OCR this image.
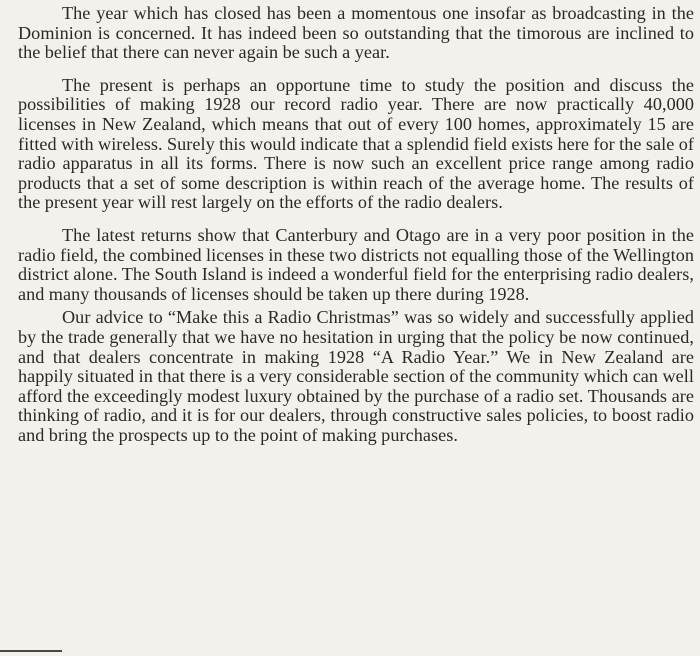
The year which has closed has been a momentous one insofar as broadcasting in the Dominion is concerned. It has indeed been so outstanding that the timorous are inclined to the belief that there can never again be such a year.

The present is perhaps an opportune time to study the position and discuss the possibilities of making 1928 our record radio year. There are now practically 40,000 licenses in New Zealand, which means that out of every 100 homes, approximately 15 are fitted with wireless. Surely this would indicate that a splendid field exists here for the sale of radio apparatus in all its forms. There is now such an excellent price range among radio products that a set of some description is within reach of the average home. The results of the present year will rest largely on the efforts of the radio dealers.

The latest returns show that Canterbury and Otago are in a very poor position in the radio field, the combined licenses in these two districts not equalling those of the Wellington district alone. The South Island is indeed a wonderful field for the enterprising radio dealers, and many thousands of licenses should be taken up there during 1928.

Our advice to “Make this a Radio Christmas” was so widely and successfully applied by the trade generally that we have no hesitation in urging that the policy be now continued, and that dealers concentrate in making 1928 “A Radio Year.” We in New Zealand are happily situated in that there is a very considerable section of the community which can well afford the exceedingly modest luxury obtained by the purchase of a radio set. Thousands are thinking of radio, and it is for our dealers, through constructive sales policies, to boost radio and bring the prospects up to the point of making purchases.
